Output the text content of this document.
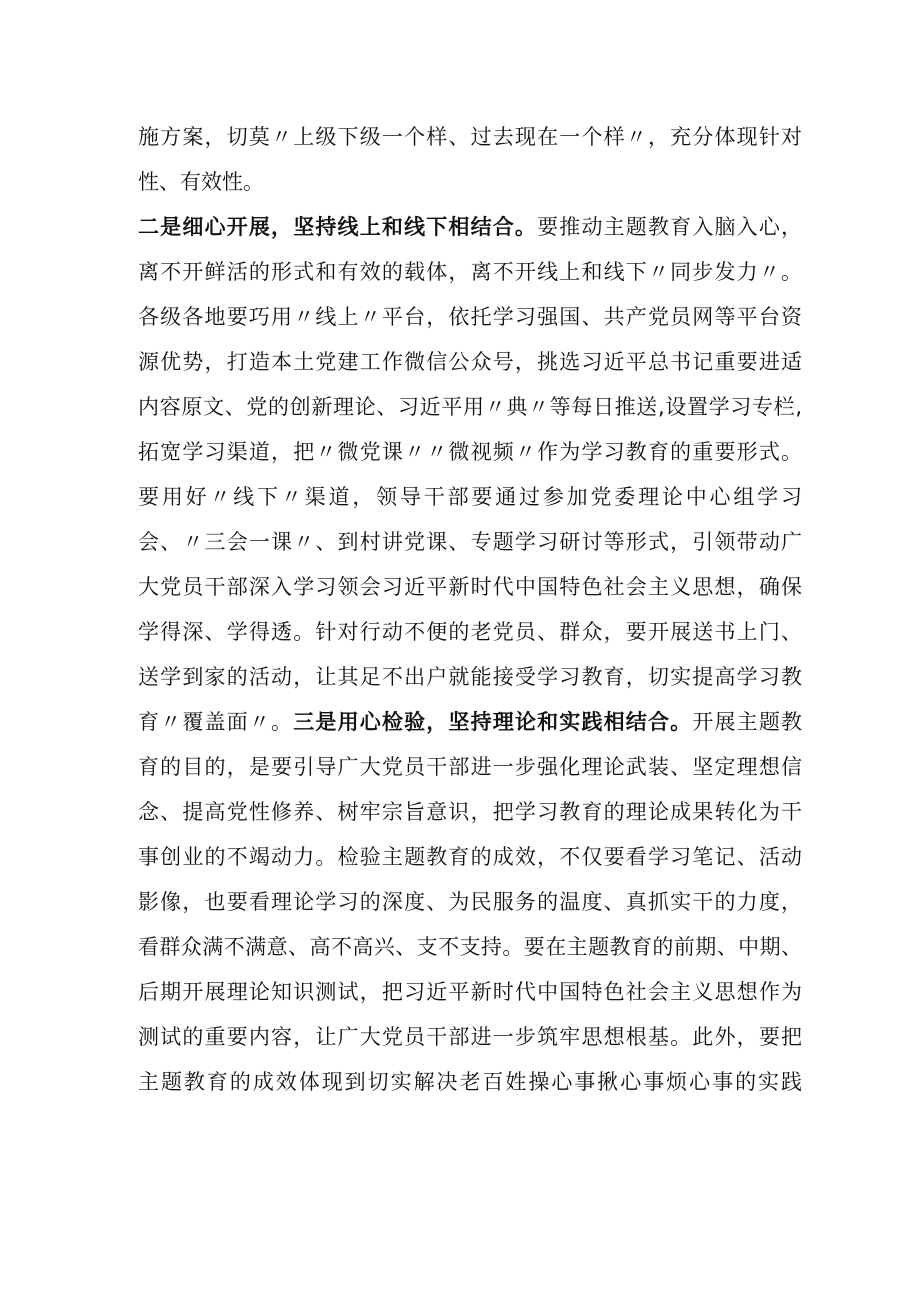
施方案，切莫〃上级下级一个样、过去现在一个样〃，充分体现针对
性、有效性。
二是细心开展，坚持线上和线下相结合。要推动主题教育入脑入心，
离不开鲜活的形式和有效的载体，离不开线上和线下〃同步发力〃。
各级各地要巧用〃线上〃平台，依托学习强国、共产党员网等平台资
源优势，打造本土党建工作微信公众号，挑选习近平总书记重要进适
内容原文、党的创新理论、习近平用〃典〃等每日推送,设置学习专栏,
拓宽学习渠道，把〃微党课〃〃微视频〃作为学习教育的重要形式。
要用好〃线下〃渠道，领导干部要通过参加党委理论中心组学习
会、〃三会一课〃、到村讲党课、专题学习研讨等形式，引领带动广
大党员干部深入学习领会习近平新时代中国特色社会主义思想，确保
学得深、学得透。针对行动不便的老党员、群众，要开展送书上门、
送学到家的活动，让其足不出户就能接受学习教育，切实提高学习教
育〃覆盖面〃。三是用心检验，坚持理论和实践相结合。开展主题教
育的目的，是要引导广大党员干部进一步强化理论武装、坚定理想信
念、提高党性修养、树牢宗旨意识，把学习教育的理论成果转化为干
事创业的不竭动力。检验主题教育的成效，不仅要看学习笔记、活动
影像，也要看理论学习的深度、为民服务的温度、真抓实干的力度，
看群众满不满意、高不高兴、支不支持。要在主题教育的前期、中期、
后期开展理论知识测试，把习近平新时代中国特色社会主义思想作为
测试的重要内容，让广大党员干部进一步筑牢思想根基。此外，要把
主题教育的成效体现到切实解决老百姓操心事揪心事烦心事的实践
